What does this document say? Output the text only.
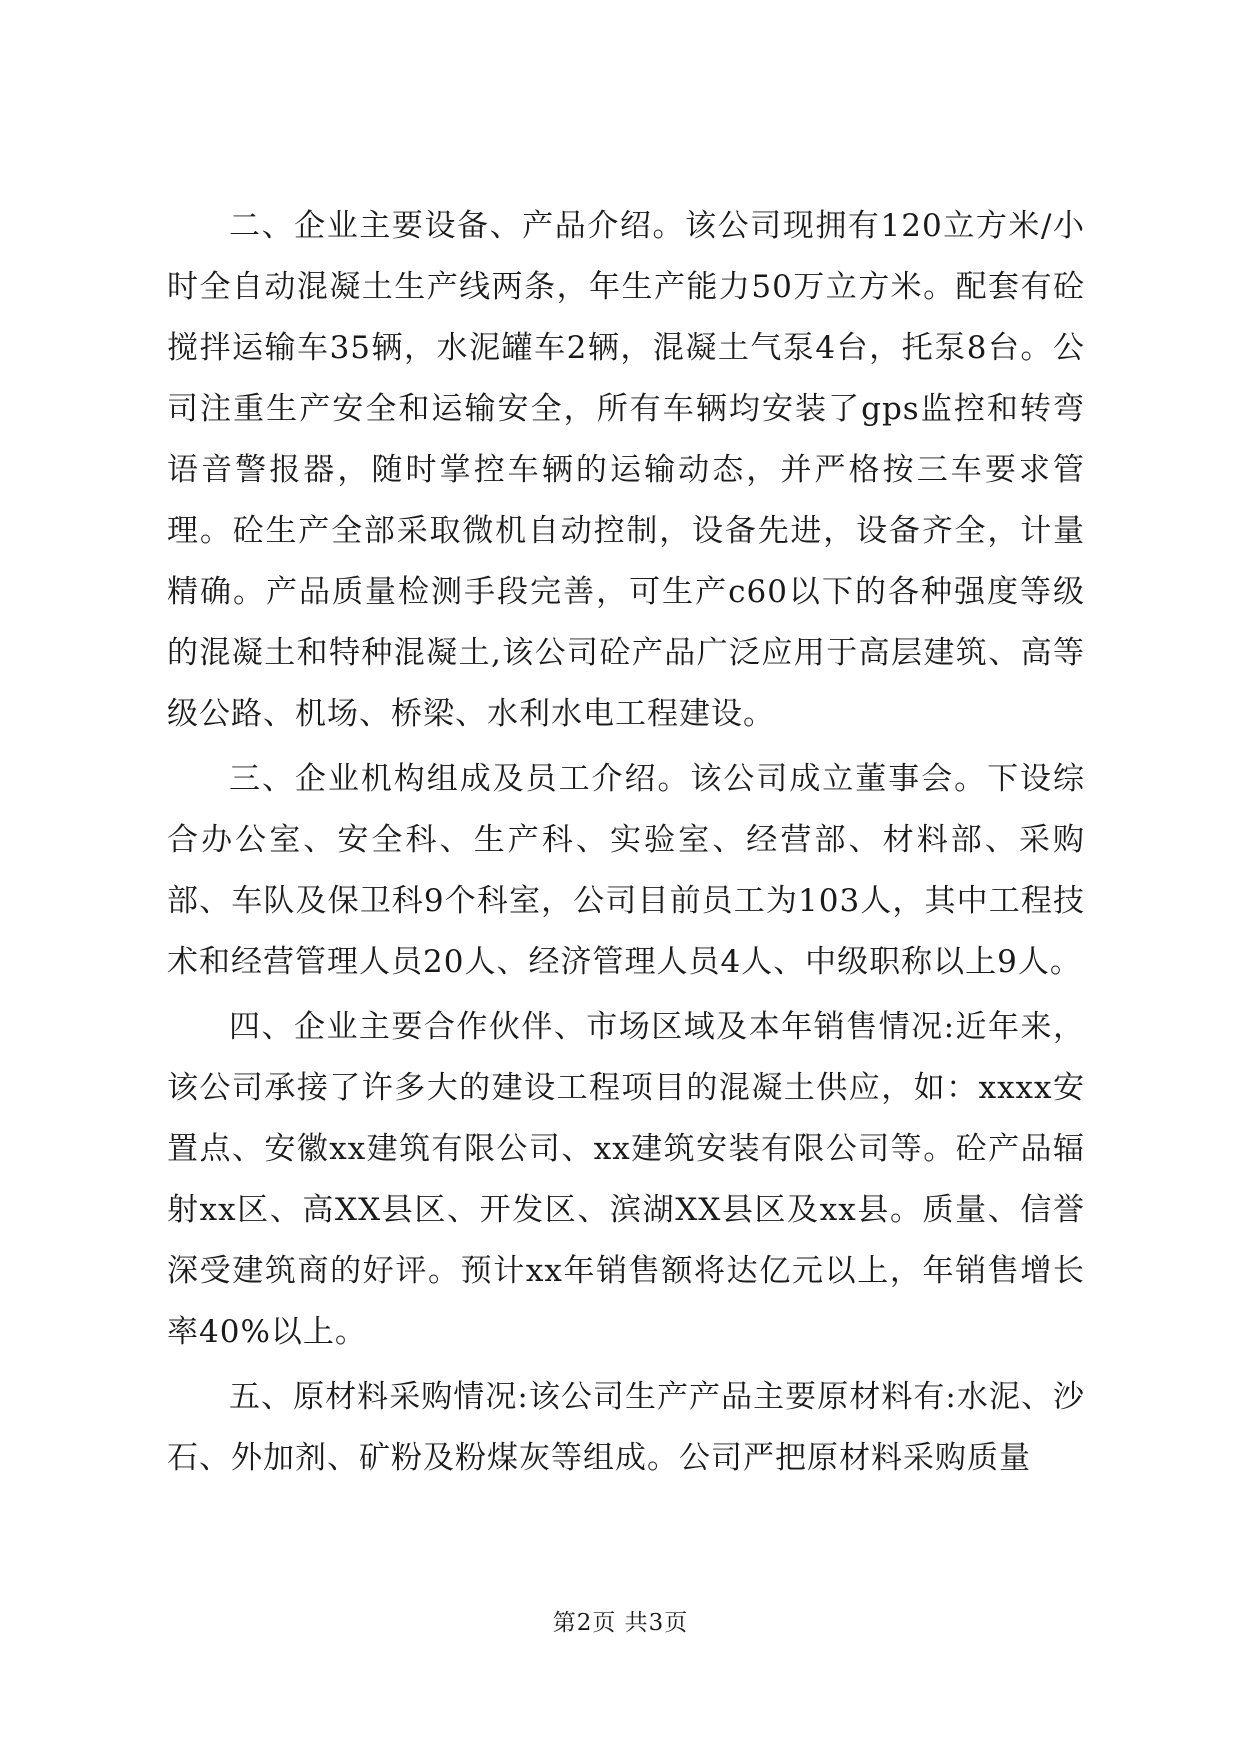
二、企业主要设备、产品介绍。该公司现拥有120立方米/小时全自动混凝土生产线两条，年生产能力50万立方米。配套有砼搅拌运输车35辆，水泥罐车2辆，混凝土气泵4台，托泵8台。公司注重生产安全和运输安全，所有车辆均安装了gps监控和转弯语音警报器，随时掌控车辆的运输动态，并严格按三车要求管理。砼生产全部采取微机自动控制，设备先进，设备齐全，计量精确。产品质量检测手段完善，可生产c60以下的各种强度等级的混凝土和特种混凝土,该公司砼产品广泛应用于高层建筑、高等级公路、机场、桥梁、水利水电工程建设。

三、企业机构组成及员工介绍。该公司成立董事会。下设综合办公室、安全科、生产科、实验室、经营部、材料部、采购部、车队及保卫科9个科室，公司目前员工为103人，其中工程技术和经营管理人员20人、经济管理人员4人、中级职称以上9人。

四、企业主要合作伙伴、市场区域及本年销售情况:近年来，该公司承接了许多大的建设工程项目的混凝土供应，如：xxxx安置点、安徽xx建筑有限公司、xx建筑安装有限公司等。砼产品辐射xx区、高XX县区、开发区、滨湖XX县区及xx县。质量、信誉深受建筑商的好评。预计xx年销售额将达亿元以上，年销售增长率40%以上。

五、原材料采购情况:该公司生产产品主要原材料有:水泥、沙石、外加剂、矿粉及粉煤灰等组成。公司严把原材料采购质量

第2页 共3页
